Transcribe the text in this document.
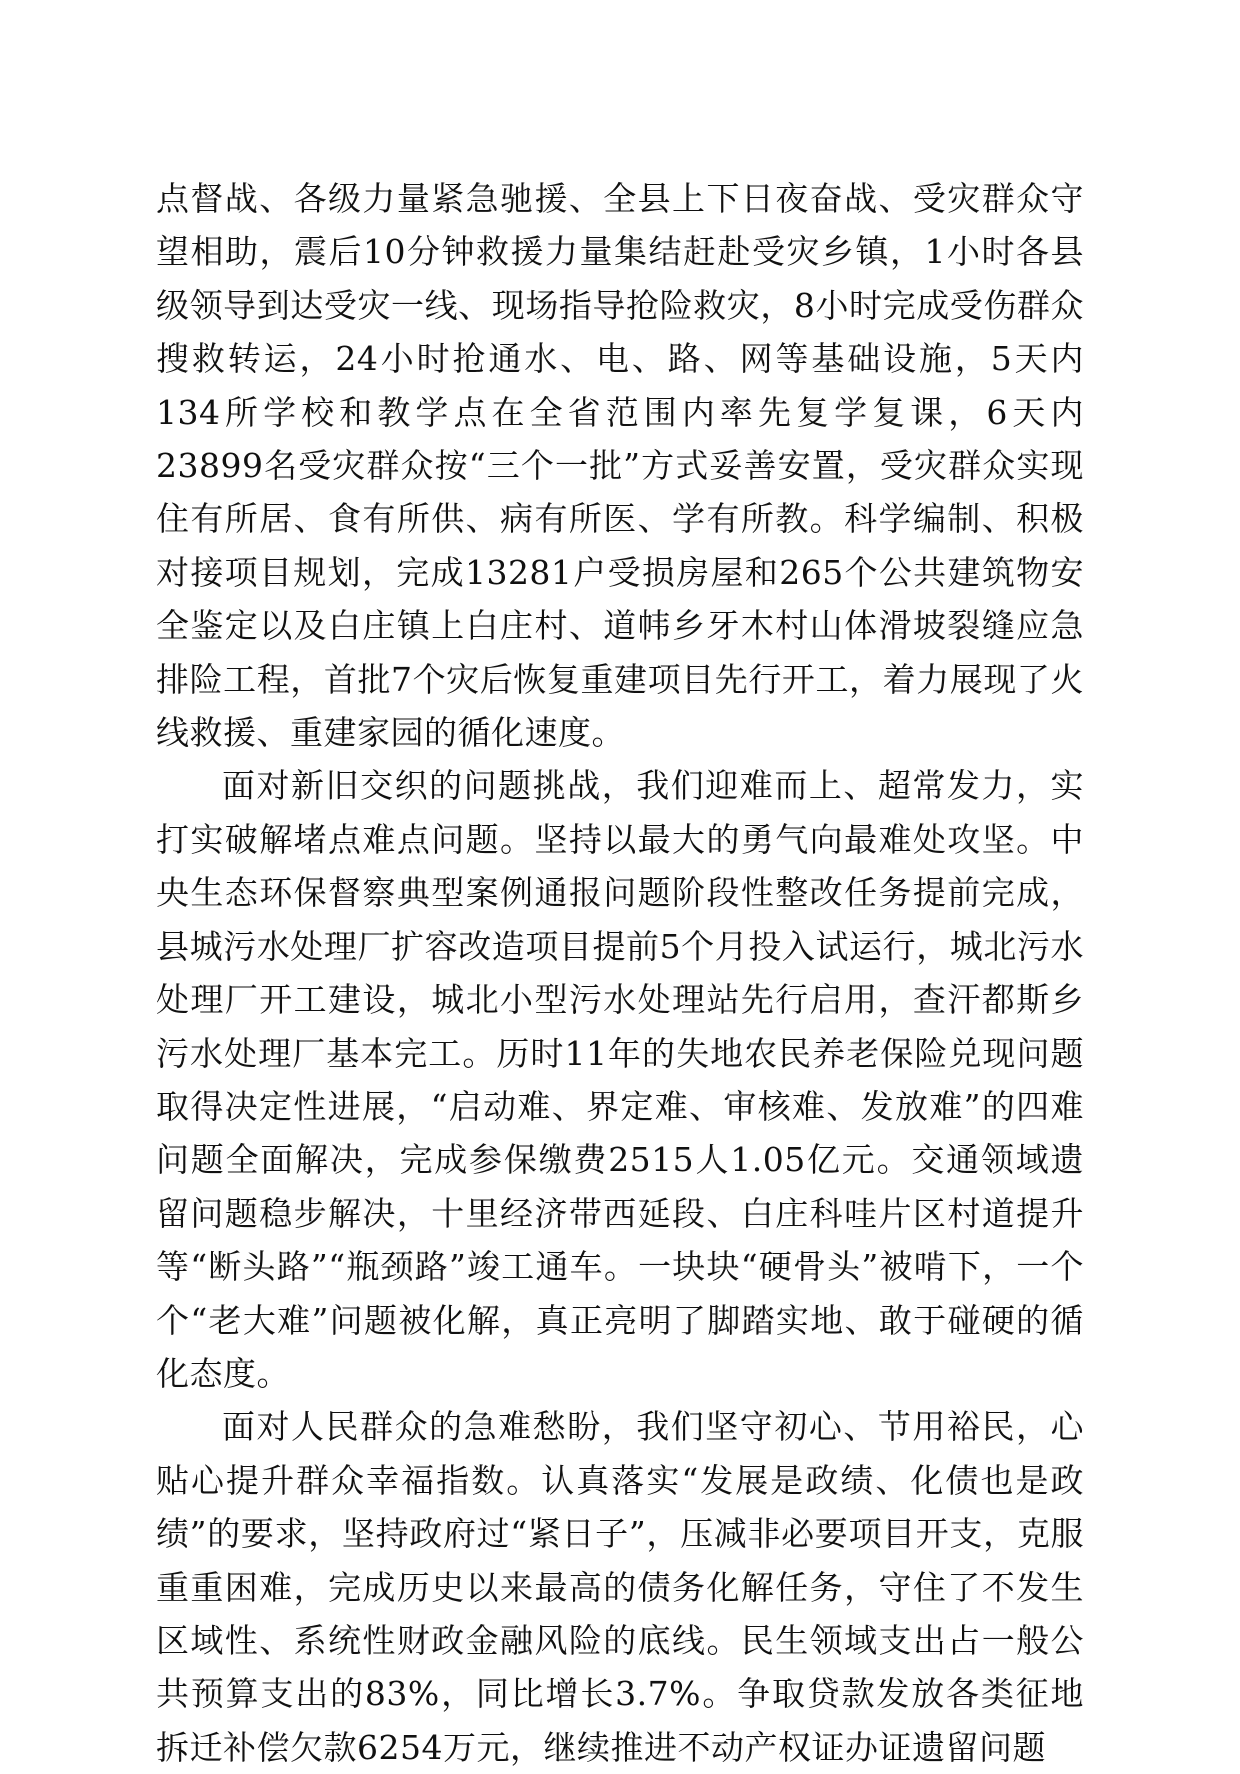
点督战、各级力量紧急驰援、全县上下日夜奋战、受灾群众守望相助，震后10分钟救援力量集结赶赴受灾乡镇，1小时各县级领导到达受灾一线、现场指导抢险救灾，8小时完成受伤群众搜救转运，24小时抢通水、电、路、网等基础设施，5天内134所学校和教学点在全省范围内率先复学复课，6天内23899名受灾群众按“三个一批”方式妥善安置，受灾群众实现住有所居、食有所供、病有所医、学有所教。科学编制、积极对接项目规划，完成13281户受损房屋和265个公共建筑物安全鉴定以及白庄镇上白庄村、道帏乡牙木村山体滑坡裂缝应急排险工程，首批7个灾后恢复重建项目先行开工，着力展现了火线救援、重建家园的循化速度。

面对新旧交织的问题挑战，我们迎难而上、超常发力，实打实破解堵点难点问题。坚持以最大的勇气向最难处攻坚。中央生态环保督察典型案例通报问题阶段性整改任务提前完成，县城污水处理厂扩容改造项目提前5个月投入试运行，城北污水处理厂开工建设，城北小型污水处理站先行启用，查汗都斯乡污水处理厂基本完工。历时11年的失地农民养老保险兑现问题取得决定性进展，“启动难、界定难、审核难、发放难”的四难问题全面解决，完成参保缴费2515人1.05亿元。交通领域遗留问题稳步解决，十里经济带西延段、白庄科哇片区村道提升等“断头路”“瓶颈路”竣工通车。一块块“硬骨头”被啃下，一个个“老大难”问题被化解，真正亮明了脚踏实地、敢于碰硬的循化态度。

面对人民群众的急难愁盼，我们坚守初心、节用裕民，心贴心提升群众幸福指数。认真落实“发展是政绩、化债也是政绩”的要求，坚持政府过“紧日子”，压减非必要项目开支，克服重重困难，完成历史以来最高的债务化解任务，守住了不发生区域性、系统性财政金融风险的底线。民生领域支出占一般公共预算支出的83%，同比增长3.7%。争取贷款发放各类征地拆迁补偿欠款6254万元，继续推进不动产权证办证遗留问题
